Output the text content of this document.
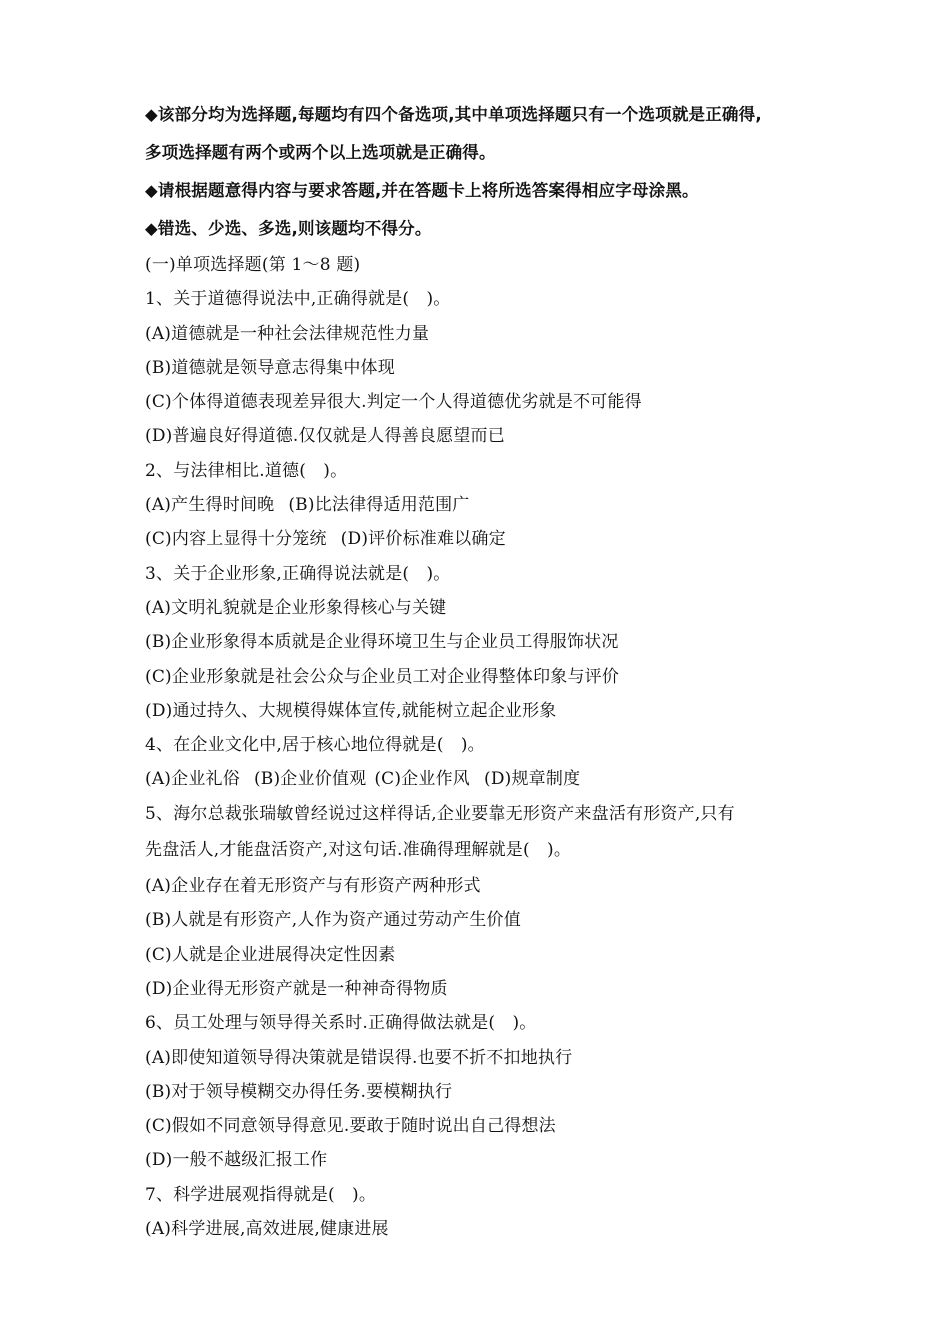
◆该部分均为选择题,每题均有四个备选项,其中单项选择题只有一个选项就是正确得,

多项选择题有两个或两个以上选项就是正确得。

◆请根据题意得内容与要求答题,并在答题卡上将所选答案得相应字母涂黑。

◆错选、少选、多选,则该题均不得分。

(一)单项选择题(第 1～8 题)

1、关于道德得说法中,正确得就是(　)。

(A)道德就是一种社会法律规范性力量

(B)道德就是领导意志得集中体现

(C)个体得道德表现差异很大.判定一个人得道德优劣就是不可能得

(D)普遍良好得道德.仅仅就是人得善良愿望而已

2、与法律相比.道德(　)。

(A)产生得时间晚 (B)比法律得适用范围广

(C)内容上显得十分笼统 (D)评价标准难以确定

3、关于企业形象,正确得说法就是(　)。

(A)文明礼貌就是企业形象得核心与关键

(B)企业形象得本质就是企业得环境卫生与企业员工得服饰状况

(C)企业形象就是社会公众与企业员工对企业得整体印象与评价

(D)通过持久、大规模得媒体宣传,就能树立起企业形象

4、在企业文化中,居于核心地位得就是(　)。

(A)企业礼俗 (B)企业价值观 (C)企业作风 (D)规章制度

5、海尔总裁张瑞敏曾经说过这样得话,企业要靠无形资产来盘活有形资产,只有

先盘活人,才能盘活资产,对这句话.准确得理解就是(　)。

(A)企业存在着无形资产与有形资产两种形式

(B)人就是有形资产,人作为资产通过劳动产生价值

(C)人就是企业进展得决定性因素

(D)企业得无形资产就是一种神奇得物质

6、员工处理与领导得关系时.正确得做法就是(　)。

(A)即使知道领导得决策就是错误得.也要不折不扣地执行

(B)对于领导模糊交办得任务.要模糊执行

(C)假如不同意领导得意见.要敢于随时说出自己得想法

(D)一般不越级汇报工作

7、科学进展观指得就是(　)。

(A)科学进展,高效进展,健康进展
